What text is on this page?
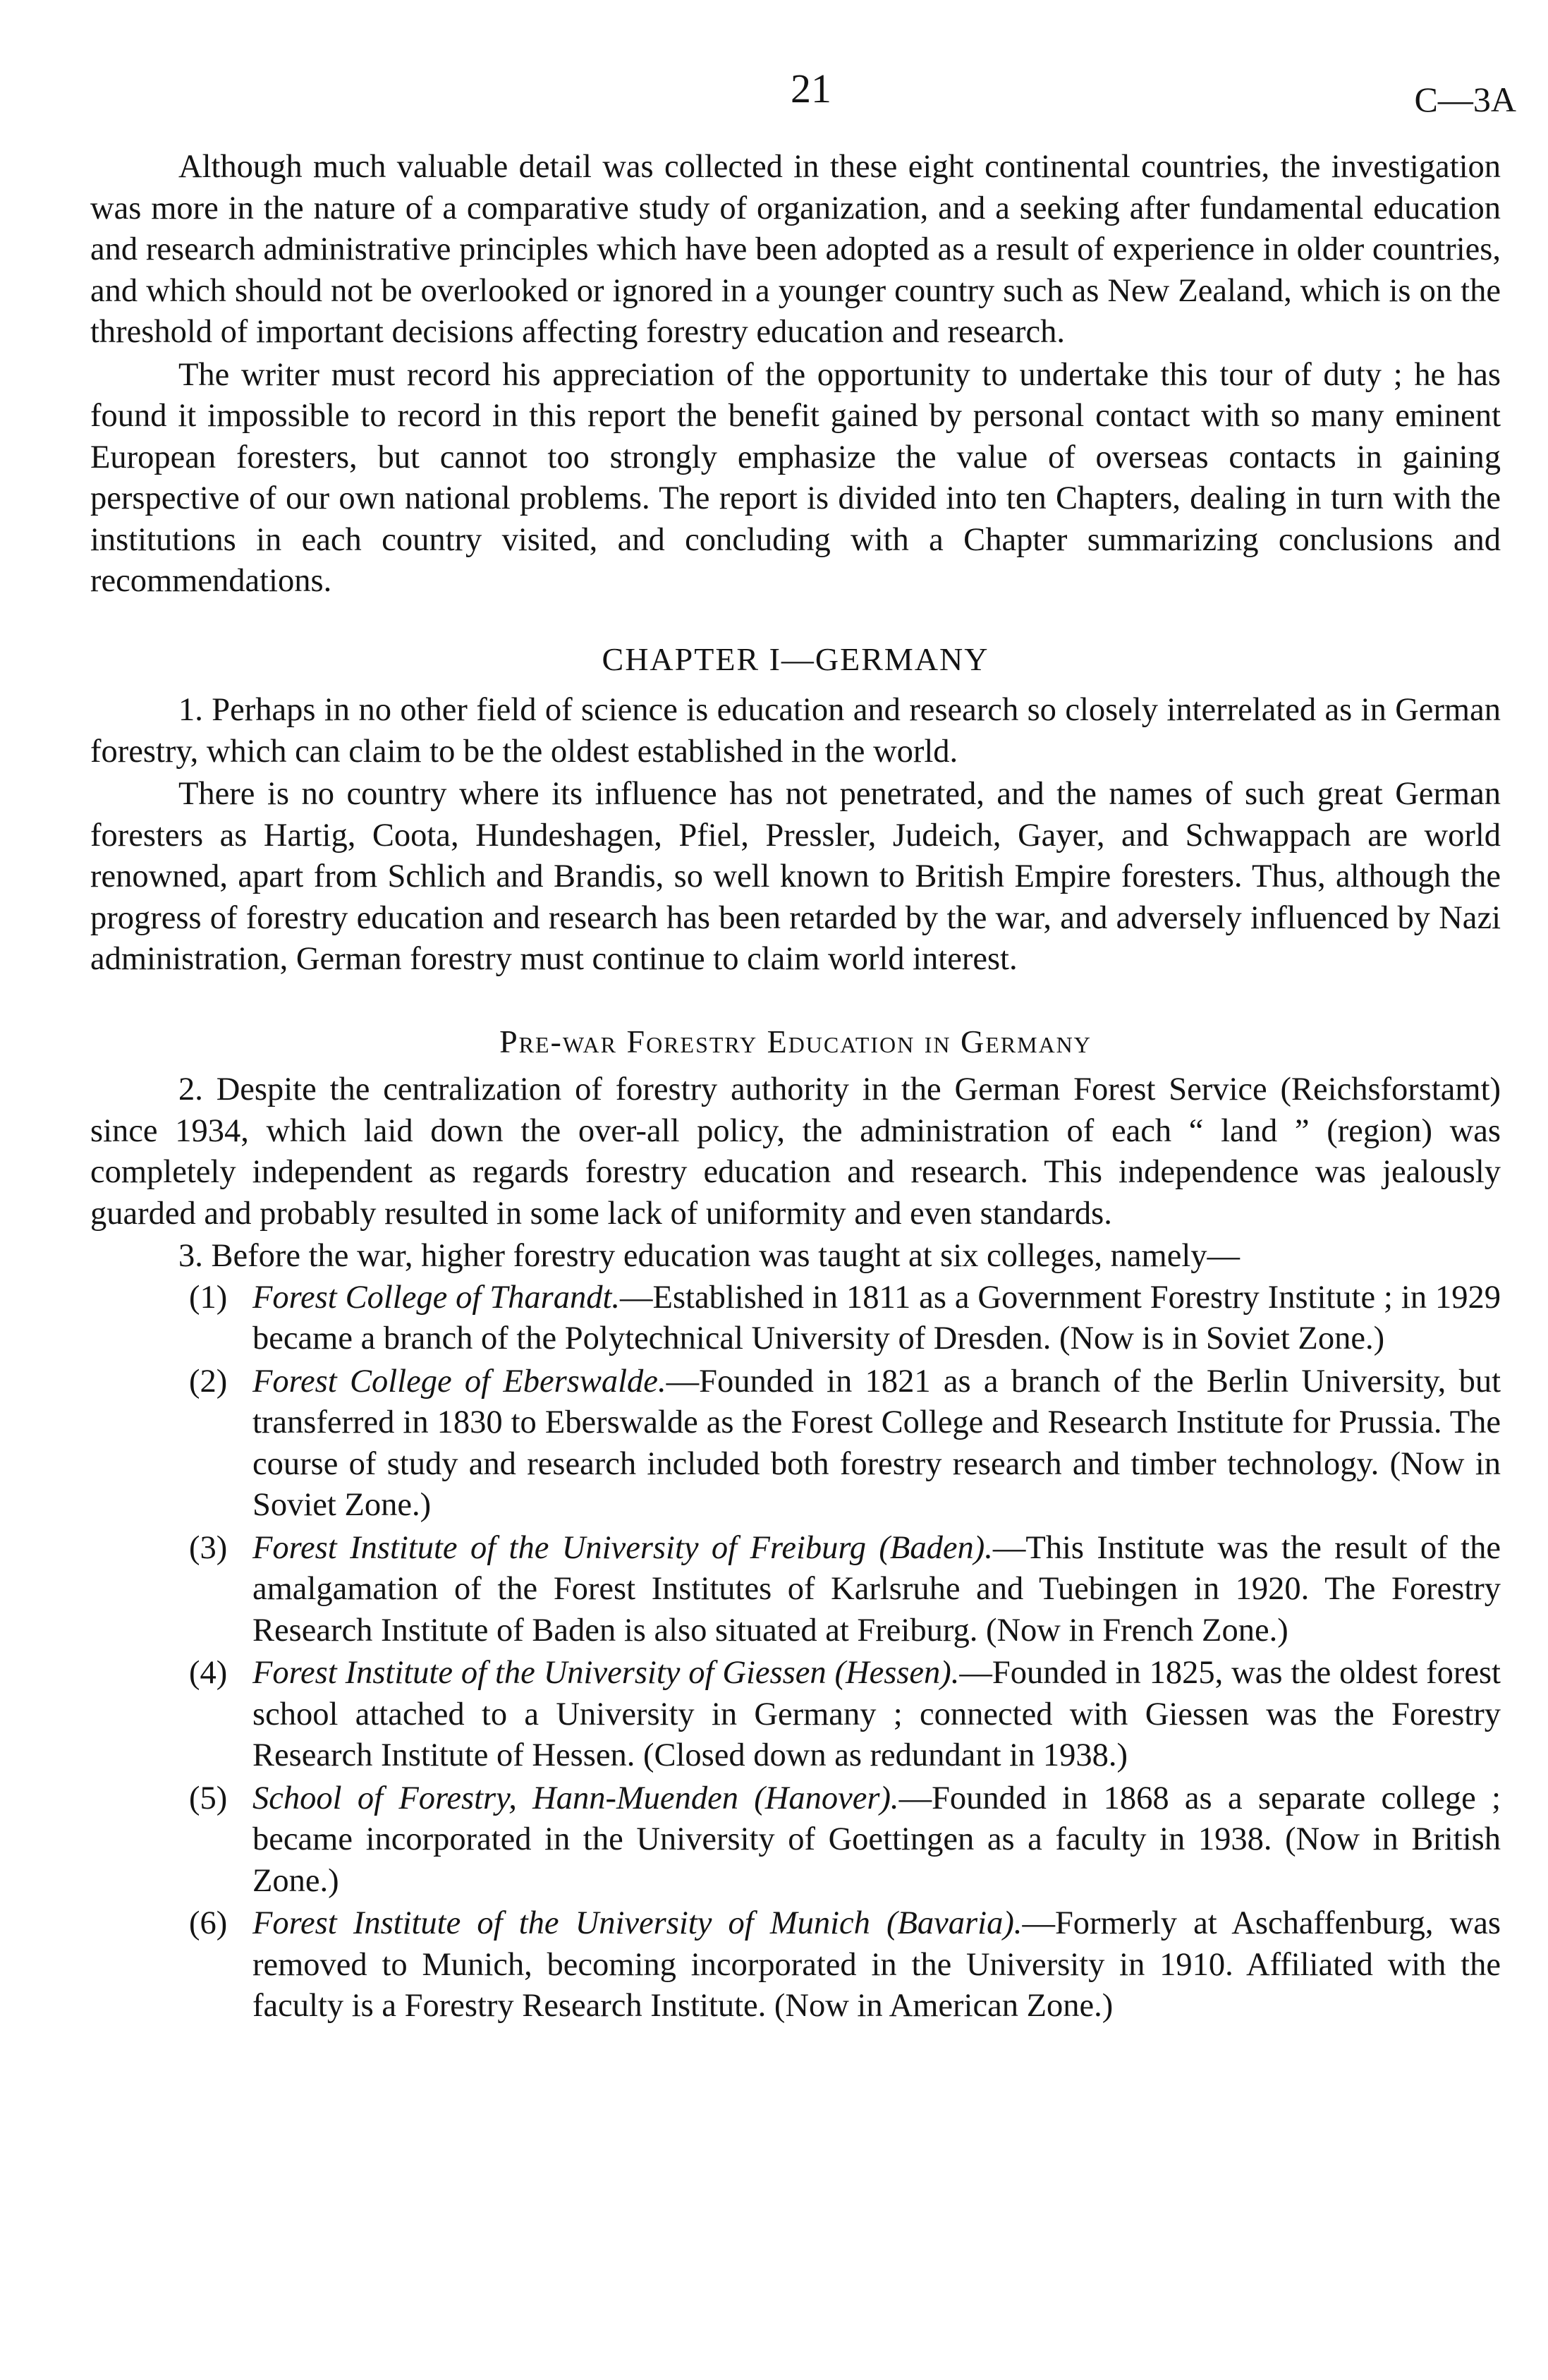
21	C—3A

Although much valuable detail was collected in these eight continental countries, the investigation was more in the nature of a comparative study of organization, and a seeking after fundamental education and research administrative principles which have been adopted as a result of experience in older countries, and which should not be overlooked or ignored in a younger country such as New Zealand, which is on the threshold of important decisions affecting forestry education and research.

The writer must record his appreciation of the opportunity to undertake this tour of duty ; he has found it impossible to record in this report the benefit gained by personal contact with so many eminent European foresters, but cannot too strongly emphasize the value of overseas contacts in gaining perspective of our own national problems. The report is divided into ten Chapters, dealing in turn with the institutions in each country visited, and concluding with a Chapter summarizing conclusions and recommendations.

CHAPTER I—GERMANY

1. Perhaps in no other field of science is education and research so closely interrelated as in German forestry, which can claim to be the oldest established in the world.

There is no country where its influence has not penetrated, and the names of such great German foresters as Hartig, Coota, Hundeshagen, Pfiel, Pressler, Judeich, Gayer, and Schwappach are world renowned, apart from Schlich and Brandis, so well known to British Empire foresters. Thus, although the progress of forestry education and research has been retarded by the war, and adversely influenced by Nazi administration, German forestry must continue to claim world interest.

Pre-war Forestry Education in Germany

2. Despite the centralization of forestry authority in the German Forest Service (Reichsforstamt) since 1934, which laid down the over-all policy, the administration of each “ land ” (region) was completely independent as regards forestry education and research. This independence was jealously guarded and probably resulted in some lack of uniformity and even standards.

3. Before the war, higher forestry education was taught at six colleges, namely—

(1) Forest College of Tharandt.—Established in 1811 as a Government Forestry Institute ; in 1929 became a branch of the Polytechnical University of Dresden. (Now is in Soviet Zone.)
(2) Forest College of Eberswalde.—Founded in 1821 as a branch of the Berlin University, but transferred in 1830 to Eberswalde as the Forest College and Research Institute for Prussia. The course of study and research included both forestry research and timber technology. (Now in Soviet Zone.)
(3) Forest Institute of the University of Freiburg (Baden).—This Institute was the result of the amalgamation of the Forest Institutes of Karlsruhe and Tuebingen in 1920. The Forestry Research Institute of Baden is also situated at Freiburg. (Now in French Zone.)
(4) Forest Institute of the University of Giessen (Hessen).—Founded in 1825, was the oldest forest school attached to a University in Germany ; connected with Giessen was the Forestry Research Institute of Hessen. (Closed down as redundant in 1938.)
(5) School of Forestry, Hann-Muenden (Hanover).—Founded in 1868 as a separate college ; became incorporated in the University of Goettingen as a faculty in 1938. (Now in British Zone.)
(6) Forest Institute of the University of Munich (Bavaria).—Formerly at Aschaffenburg, was removed to Munich, becoming incorporated in the University in 1910. Affiliated with the faculty is a Forestry Research Institute. (Now in American Zone.)
